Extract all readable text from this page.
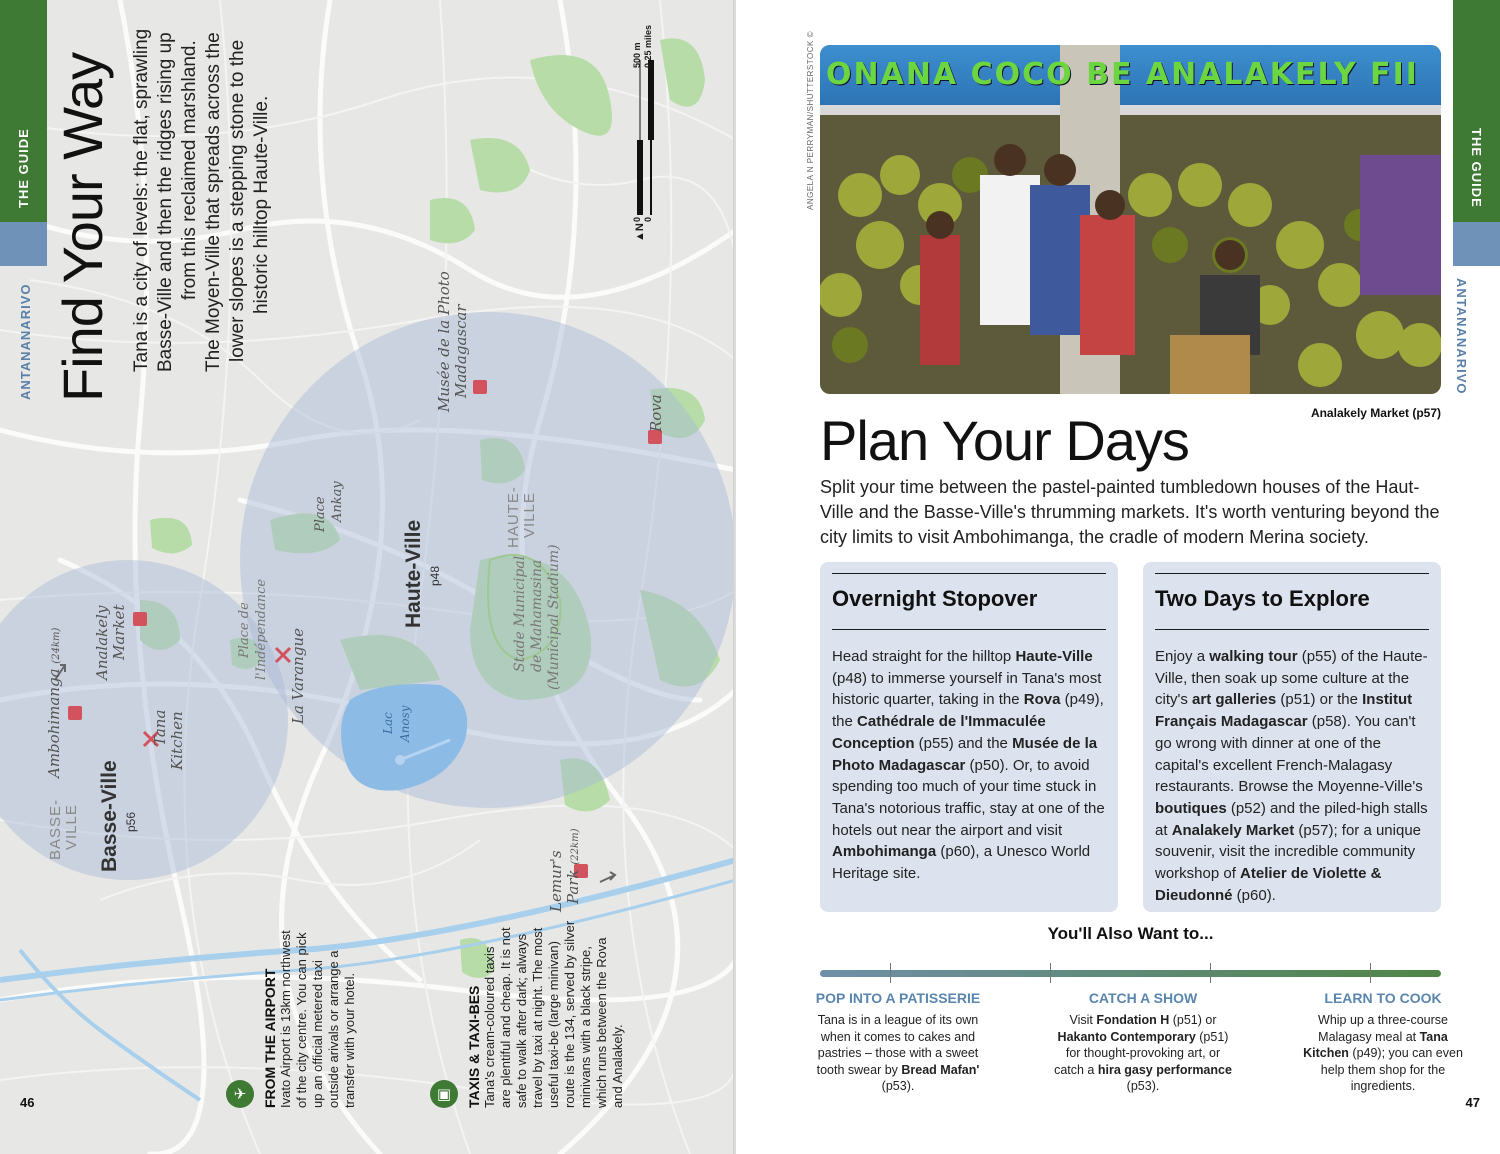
BASSE- VILLE
HAUTE- VILLE
Basse-Ville p56
Haute-Ville p48
Musée de la Photo Madagascar
Rova
Place Ankay
Stade Municipal de Mahamasina (Municipal Stadium)
Lac Anosy
Place de l'Indépendance La Varangue
Analakely Market
Ambohimanga (24km)
Tana Kitchen
Lemur's Park (22km)
500 m 0.25 miles
0 0
▲N
THE GUIDE
ANTANANARIVO Find Your Way Tana is a city of levels: the flat, sprawling Basse-Ville and then the ridges rising up from this reclaimed marshland. The Moyen-Ville that spreads across the lower slopes is a stepping stone to the historic hilltop Haute-Ville.
✈	FROM THE AIRPORT Ivato Airport is 13km northwest of the city centre. You can pick up an official metered taxi outside arivals or arrange a transfer with your hotel.	▣	TAXIS & TAXI-BES Tana's cream-coloured taxis are plentiful and cheap. It is not safe to walk after dark; always travel by taxi at night. The most useful taxi-be (large minivan) route is the 134, served by silver minivans with a black stripe, which runs between the Rova and Analakely.
46
THE GUIDE
ANTANANARIVO
ANGELA N PERRYMAN/SHUTTERSTOCK © ONANA COCO BE ANALAKELY FII
Analakely Market (p57)
Plan Your Days
Split your time between the pastel-painted tumbledown houses of the Haut-Ville and the Basse-Ville's thrumming markets. It's worth venturing beyond the city limits to visit Ambohimanga, the cradle of modern Merina society.
Overnight Stopover

Head straight for the hilltop Haute-Ville (p48) to immerse yourself in Tana's most historic quarter, taking in the Rova (p49), the Cathédrale de l'Immaculée Conception (p55) and the Musée de la Photo Madagascar (p50). Or, to avoid spending too much of your time stuck in Tana's notorious traffic, stay at one of the hotels out near the airport and visit Ambohimanga (p60), a Unesco World Heritage site.

Two Days to Explore

Enjoy a walking tour (p55) of the Haute-Ville, then soak up some culture at the city's art galleries (p51) or the Institut Français Madagascar (p58). You can't go wrong with dinner at one of the capital's excellent French-Malagasy restaurants. Browse the Moyenne-Ville's boutiques (p52) and the piled-high stalls at Analakely Market (p57); for a unique souvenir, visit the incredible community workshop of Atelier de Violette & Dieudonné (p60).

You'll Also Want to...
POP INTO A PATISSERIE

Tana is in a league of its own when it comes to cakes and pastries – those with a sweet tooth swear by Bread Mafan' (p53).

CATCH A SHOW

Visit Fondation H (p51) or Hakanto Contemporary (p51) for thought-provoking art, or catch a hira gasy performance (p53).

LEARN TO COOK

Whip up a three-course Malagasy meal at Tana Kitchen (p49); you can even help them shop for the ingredients.

47
